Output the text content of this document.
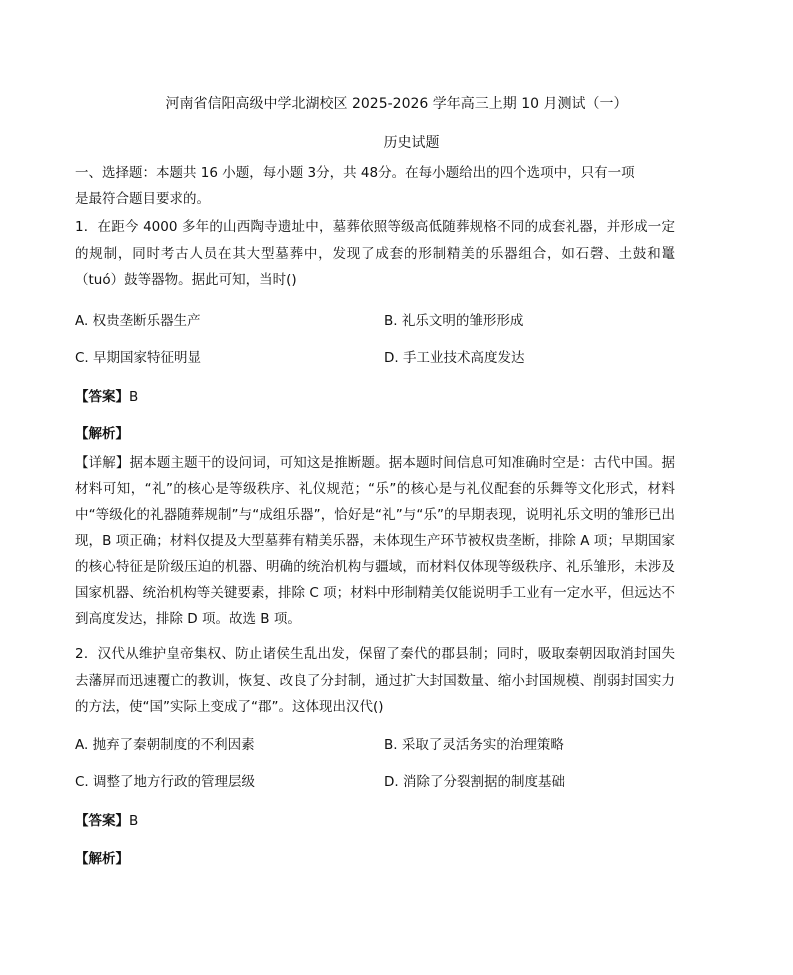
河南省信阳高级中学北湖校区 2025-2026 学年高三上期 10 月测试（一）
历史试题
一、选择题：本题共 16 小题，每小题 3分，共 48分。在每小题给出的四个选项中，只有一项
是最符合题目要求的。
1．在距今 4000 多年的山西陶寺遗址中，墓葬依照等级高低随葬规格不同的成套礼器，并形成一定的规制，同时考古人员在其大型墓葬中，发现了成套的形制精美的乐器组合，如石磬、土鼓和鼍（tuó）鼓等器物。据此可知，当时()
A. 权贵垄断乐器生产	B. 礼乐文明的雏形形成
C. 早期国家特征明显	D. 手工业技术高度发达
【答案】B
【解析】
【详解】据本题主题干的设问词，可知这是推断题。据本题时间信息可知准确时空是：古代中国。据材料可知，“礼”的核心是等级秩序、礼仪规范；“乐”的核心是与礼仪配套的乐舞等文化形式，材料中“等级化的礼器随葬规制”与“成组乐器”，恰好是“礼”与“乐”的早期表现，说明礼乐文明的雏形已出现，B 项正确；材料仅提及大型墓葬有精美乐器，未体现生产环节被权贵垄断，排除 A 项；早期国家的核心特征是阶级压迫的机器、明确的统治机构与疆域，而材料仅体现等级秩序、礼乐雏形，未涉及国家机器、统治机构等关键要素，排除 C 项；材料中形制精美仅能说明手工业有一定水平，但远达不到高度发达，排除 D 项。故选 B 项。
2．汉代从维护皇帝集权、防止诸侯生乱出发，保留了秦代的郡县制；同时，吸取秦朝因取消封国失去藩屏而迅速覆亡的教训，恢复、改良了分封制，通过扩大封国数量、缩小封国规模、削弱封国实力的方法，使“国”实际上变成了“郡”。这体现出汉代()
A. 抛弃了秦朝制度的不利因素	B. 采取了灵活务实的治理策略
C. 调整了地方行政的管理层级	D. 消除了分裂割据的制度基础
【答案】B
【解析】
